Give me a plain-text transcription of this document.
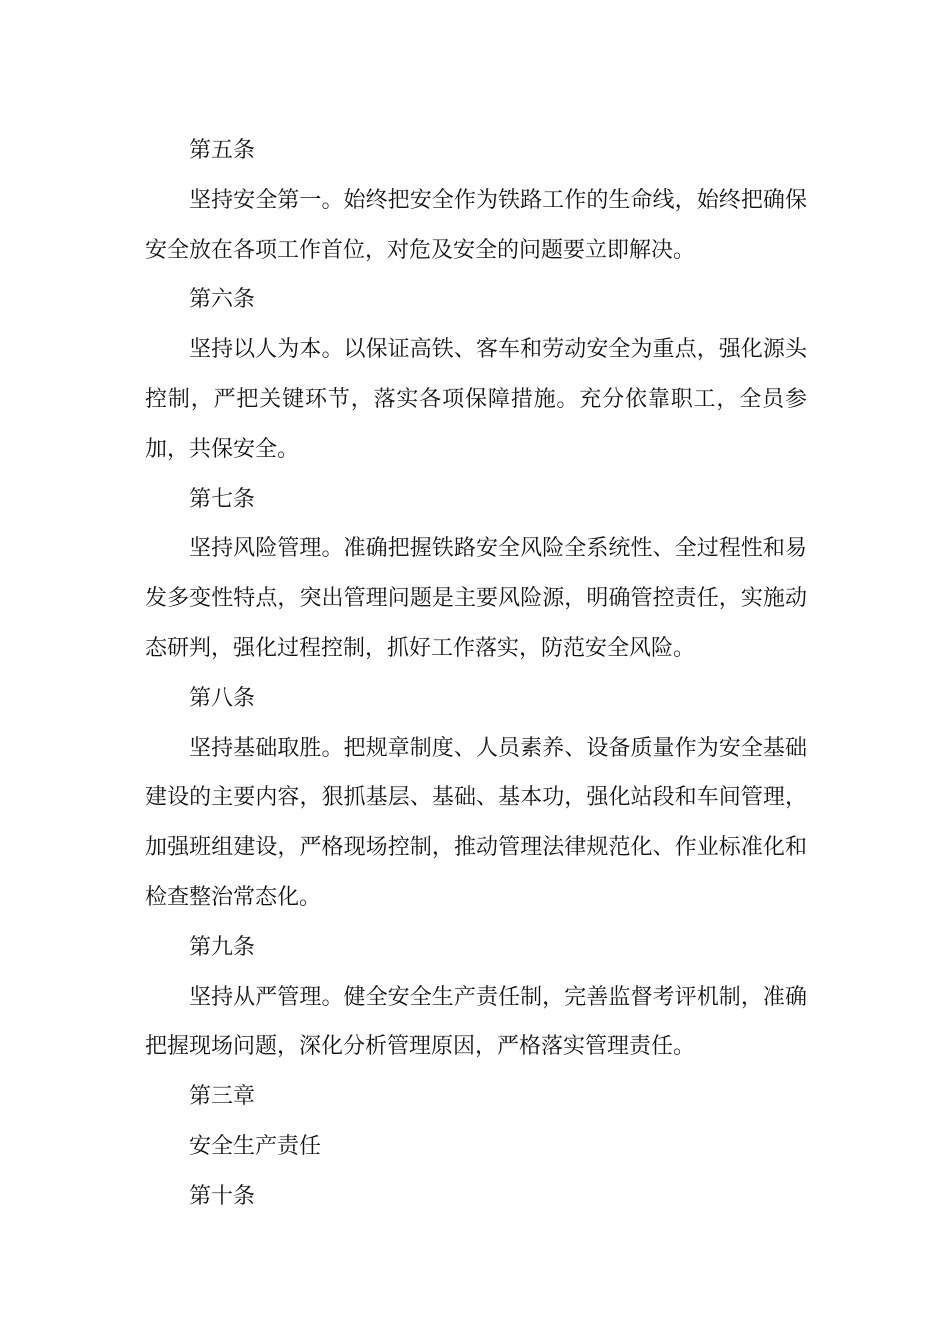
第五条

坚持安全第一。始终把安全作为铁路工作的生命线，始终把确保安全放在各项工作首位，对危及安全的问题要立即解决。

第六条

坚持以人为本。以保证高铁、客车和劳动安全为重点，强化源头控制，严把关键环节，落实各项保障措施。充分依靠职工，全员参加，共保安全。

第七条

坚持风险管理。准确把握铁路安全风险全系统性、全过程性和易发多变性特点，突出管理问题是主要风险源，明确管控责任，实施动态研判，强化过程控制，抓好工作落实，防范安全风险。

第八条

坚持基础取胜。把规章制度、人员素养、设备质量作为安全基础建设的主要内容，狠抓基层、基础、基本功，强化站段和车间管理，加强班组建设，严格现场控制，推动管理法律规范化、作业标准化和检查整治常态化。

第九条

坚持从严管理。健全安全生产责任制，完善监督考评机制，准确把握现场问题，深化分析管理原因，严格落实管理责任。

第三章

安全生产责任

第十条
